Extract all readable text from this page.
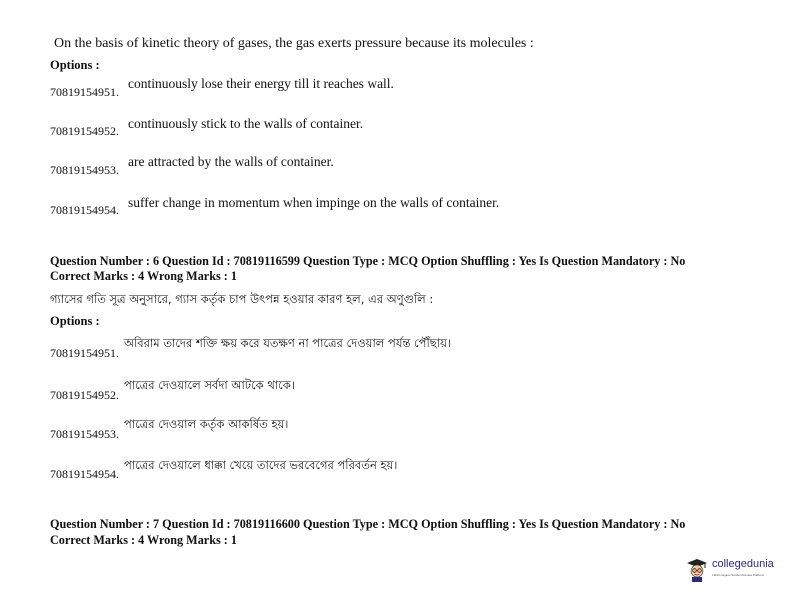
On the basis of kinetic theory of gases, the gas exerts pressure because its molecules :
Options :
70819154951.
continuously lose their energy till it reaches wall.
70819154952. continuously stick to the walls of container.
70819154953.
are attracted by the walls of container.
70819154954. suffer change in momentum when impinge on the walls of container.
Question Number : 6 Question Id : 70819116599 Question Type : MCQ Option Shuffling : Yes Is Question Mandatory : No
Correct Marks : 4 Wrong Marks : 1
গ্যাসের গতি সূত্র অনুসারে, গ্যাস কর্তৃক চাপ উৎপন্ন হওয়ার কারণ হল, এর অণুগুলি :
Options :
70819154951.
অবিরাম তাদের শক্তি ক্ষয় করে যতক্ষণ না পাত্রের দেওয়াল পর্যন্ত পৌঁছায়।
70819154952.
পাত্রের দেওয়ালে সর্বদা আটকে থাকে।
70819154953.
পাত্রের দেওয়াল কর্তৃক আকর্ষিত হয়।
70819154954.
পাত্রের দেওয়ালে ধাক্কা খেয়ে তাদের ভরবেগের পরিবর্তন হয়।
Question Number : 7 Question Id : 70819116600 Question Type : MCQ Option Shuffling : Yes Is Question Mandatory : No
Correct Marks : 4 Wrong Marks : 1
collegedunia
India's largest Student Review Platform
